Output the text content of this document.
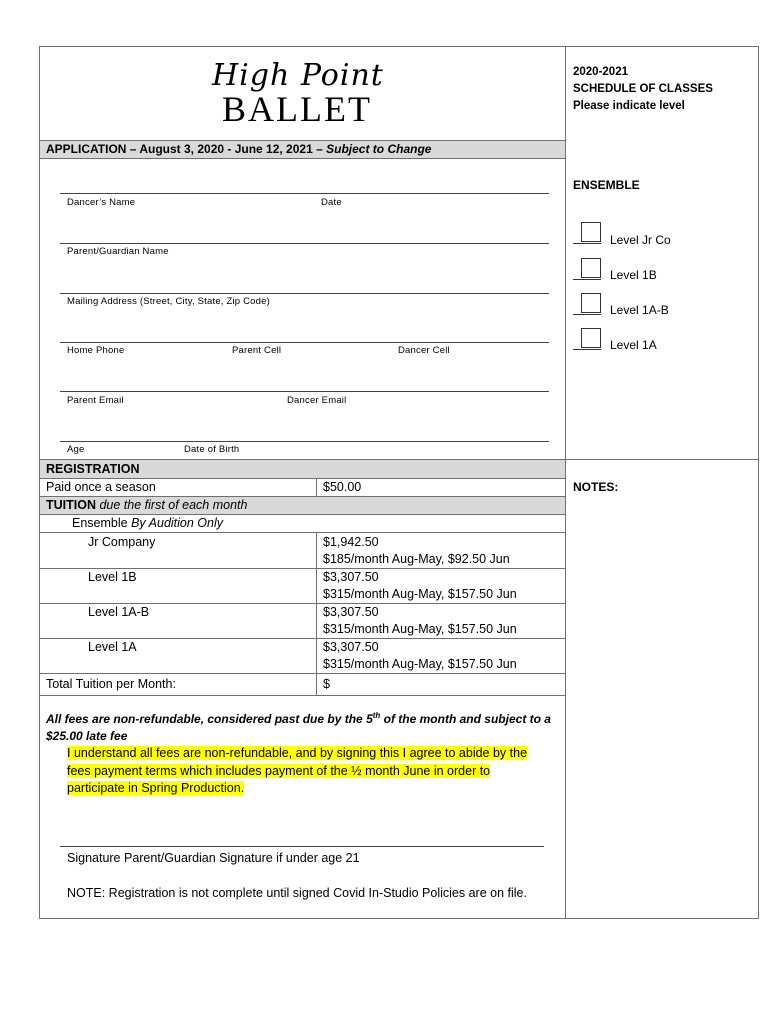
High Point
BALLET
2020-2021
SCHEDULE OF CLASSES
Please indicate level
APPLICATION – August 3, 2020 - June 12, 2021 – Subject to Change
Dancer’s Name	Date
Parent/Guardian Name
Mailing Address (Street, City, State, Zip Code)
Home Phone	Parent Cell	Dancer Cell
Parent Email	Dancer Email
Age	Date of Birth
ENSEMBLE
Level Jr Co
Level 1B
Level 1A-B
Level 1A
NOTES:
REGISTRATION
Paid once a season	$50.00
TUITION due the first of each month
Ensemble By Audition Only
Jr Company	$1,942.50
$185/month Aug-May, $92.50 Jun
Level 1B	$3,307.50
$315/month Aug-May, $157.50 Jun
Level 1A-B	$3,307.50
$315/month Aug-May, $157.50 Jun
Level 1A	$3,307.50
$315/month Aug-May, $157.50 Jun
Total Tuition per Month:	$
All fees are non-refundable, considered past due by the 5th of the month and subject to a
$25.00 late fee
I understand all fees are non-refundable, and by signing this I agree to abide by the
fees payment terms which includes payment of the ½ month June in order to
participate in Spring Production.
Signature Parent/Guardian Signature if under age 21
NOTE: Registration is not complete until signed Covid In-Studio Policies are on file.
